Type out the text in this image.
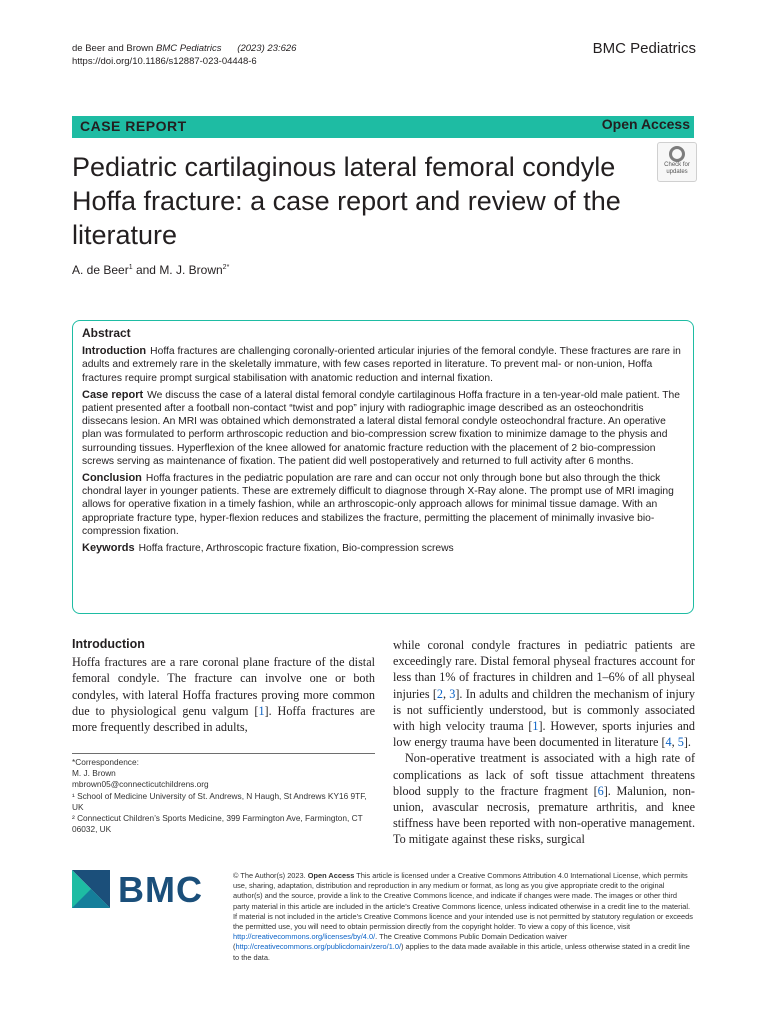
de Beer and Brown BMC Pediatrics (2023) 23:626
https://doi.org/10.1186/s12887-023-04448-6
BMC Pediatrics
CASE REPORT	Open Access
Pediatric cartilaginous lateral femoral condyle Hoffa fracture: a case report and review of the literature
Check for
updates
A. de Beer$^1$ and M. J. Brown$^{2*}$
Abstract
Introduction Hoffa fractures are challenging coronally-oriented articular injuries of the femoral condyle. These fractures are rare in adults and extremely rare in the skeletally immature, with few cases reported in literature. To prevent mal- or non-union, Hoffa fractures require prompt surgical stabilisation with anatomic reduction and internal fixation.
Case report We discuss the case of a lateral distal femoral condyle cartilaginous Hoffa fracture in a ten-year-old male patient. The patient presented after a football non-contact “twist and pop” injury with radiographic image described as an osteochondritis dissecans lesion. An MRI was obtained which demonstrated a lateral distal femoral condyle osteochondral fracture. An operative plan was formulated to perform arthroscopic reduction and bio-compression screw fixation to minimize damage to the physis and surrounding tissues. Hyperflexion of the knee allowed for anatomic fracture reduction with the placement of 2 bio-compression screws serving as maintenance of fixation. The patient did well postoperatively and returned to full activity after 6 months.
Conclusion Hoffa fractures in the pediatric population are rare and can occur not only through bone but also through the thick chondral layer in younger patients. These are extremely difficult to diagnose through X-Ray alone. The prompt use of MRI imaging allows for operative fixation in a timely fashion, while an arthroscopic-only approach allows for minimal tissue damage. With an appropriate fracture type, hyper-flexion reduces and stabilizes the fracture, permitting the placement of minimally invasive bio-compression fixation.
Keywords Hoffa fracture, Arthroscopic fracture fixation, Bio-compression screws
Introduction
Hoffa fractures are a rare coronal plane fracture of the distal femoral condyle. The fracture can involve one or both condyles, with lateral Hoffa fractures proving more common due to physiological genu valgum [1]. Hoffa fractures are more frequently described in adults,
while coronal condyle fractures in pediatric patients are exceedingly rare. Distal femoral physeal fractures account for less than 1% of fractures in children and 1–6% of all physeal injuries [2, 3]. In adults and children the mechanism of injury is not sufficiently understood, but is commonly associated with high velocity trauma [1]. However, sports injuries and low energy trauma have been documented in literature [4, 5].
Non-operative treatment is associated with a high rate of complications as lack of soft tissue attachment threatens blood supply to the fracture fragment [6]. Malunion, non-union, avascular necrosis, premature arthritis, and knee stiffness have been reported with non-operative management. To mitigate against these risks, surgical
*Correspondence:
M. J. Brown
mbrown05@connecticutchildrens.org
¹ School of Medicine University of St. Andrews, N Haugh, St Andrews KY16 9TF, UK
² Connecticut Children’s Sports Medicine, 399 Farmington Ave, Farmington, CT 06032, UK
BMC	© The Author(s) 2023. Open Access This article is licensed under a Creative Commons Attribution 4.0 International License, which permits use, sharing, adaptation, distribution and reproduction in any medium or format, as long as you give appropriate credit to the original author(s) and the source, provide a link to the Creative Commons licence, and indicate if changes were made. The images or other third party material in this article are included in the article’s Creative Commons licence, unless indicated otherwise in a credit line to the material. If material is not included in the article’s Creative Commons licence and your intended use is not permitted by statutory regulation or exceeds the permitted use, you will need to obtain permission directly from the copyright holder. To view a copy of this licence, visit http://creativecommons.org/licenses/by/4.0/. The Creative Commons Public Domain Dedication waiver (http://creativecommons.org/publicdomain/zero/1.0/) applies to the data made available in this article, unless otherwise stated in a credit line to the data.
